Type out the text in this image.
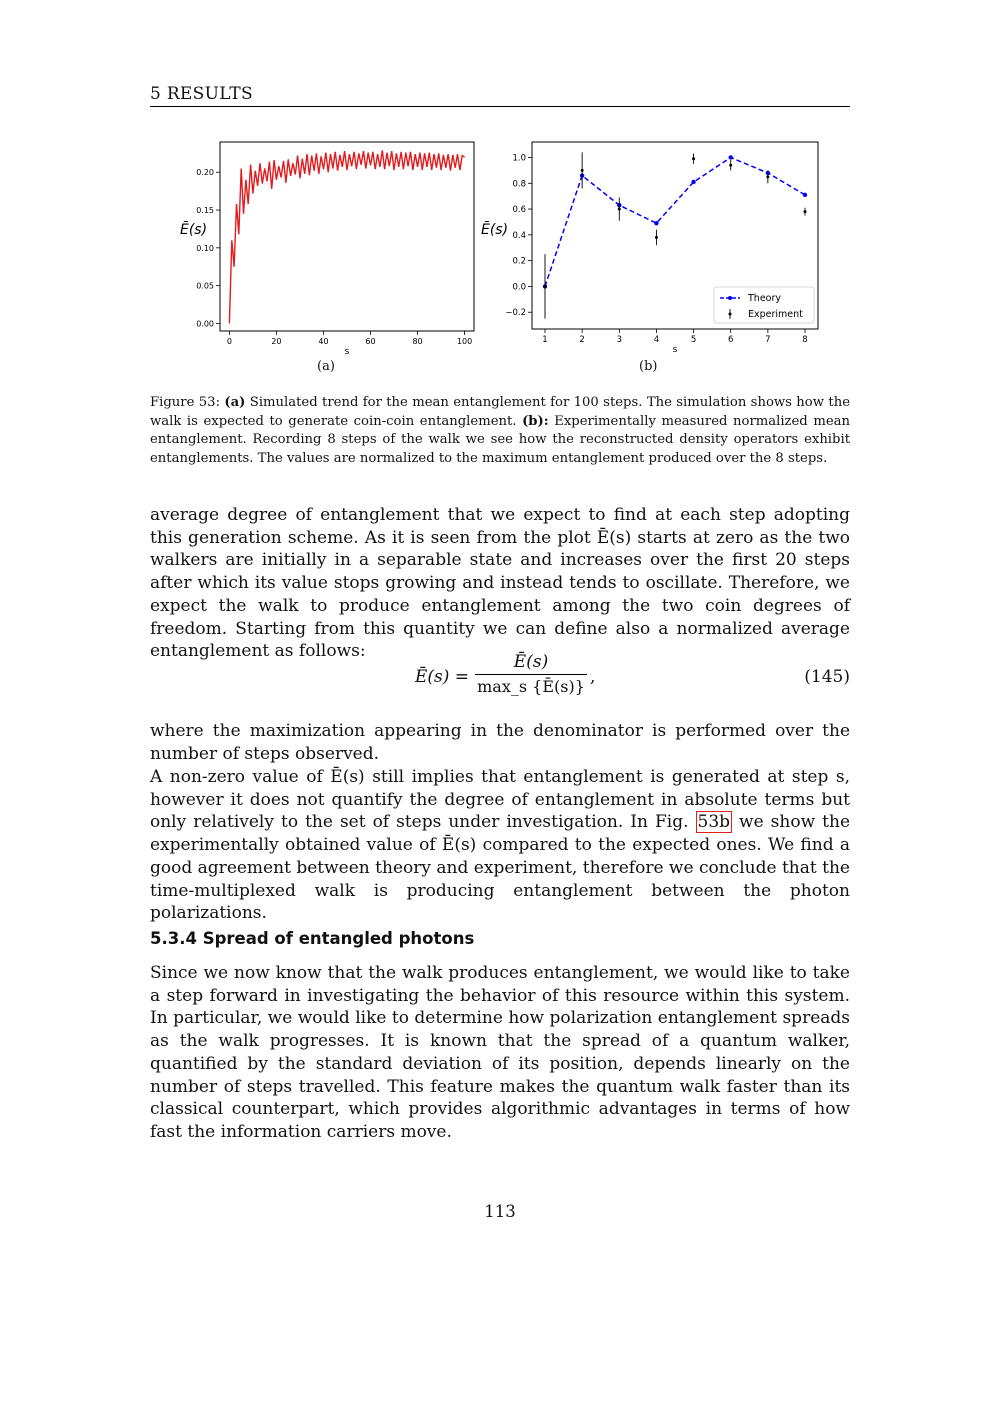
5 RESULTS
0.00
0.05
0.10
0.15
0.20
0	20	40	60	80	100
s
Ē(s)
−0.2
0.0
0.2
0.4
0.6
0.8
1.0
1	2	3	4	5	6	7	8
Theory
Experiment
s
Ē(s)
(a)	(b)
Figure 53: (a) Simulated trend for the mean entanglement for 100 steps. The simulation shows how the walk is expected to generate coin-coin entanglement. (b): Experimentally measured normalized mean entanglement. Recording 8 steps of the walk we see how the reconstructed density operators exhibit entanglements. The values are normalized to the maximum entanglement produced over the 8 steps.

average degree of entanglement that we expect to find at each step adopting this generation scheme. As it is seen from the plot Ē(s) starts at zero as the two walkers are initially in a separable state and increases over the first 20 steps after which its value stops growing and instead tends to oscillate. Therefore, we expect the walk to produce entanglement among the two coin degrees of freedom. Starting from this quantity we can define also a normalized average entanglement as follows:

Ē(s) =
Ē(s)
max_s {Ē(s)} ,	(145)

where the maximization appearing in the denominator is performed over the number of steps observed.

A non-zero value of Ē(s) still implies that entanglement is generated at step s, however it does not quantify the degree of entanglement in absolute terms but only relatively to the set of steps under investigation. In Fig. 53b we show the experimentally obtained value of Ē(s) compared to the expected ones. We find a good agreement between theory and experiment, therefore we conclude that the time-multiplexed walk is producing entanglement between the photon polarizations.

5.3.4 Spread of entangled photons

Since we now know that the walk produces entanglement, we would like to take a step forward in investigating the behavior of this resource within this system. In particular, we would like to determine how polarization entanglement spreads as the walk progresses. It is known that the spread of a quantum walker, quantified by the standard deviation of its position, depends linearly on the number of steps travelled. This feature makes the quantum walk faster than its classical counterpart, which provides algorithmic advantages in terms of how fast the information carriers move.

113
